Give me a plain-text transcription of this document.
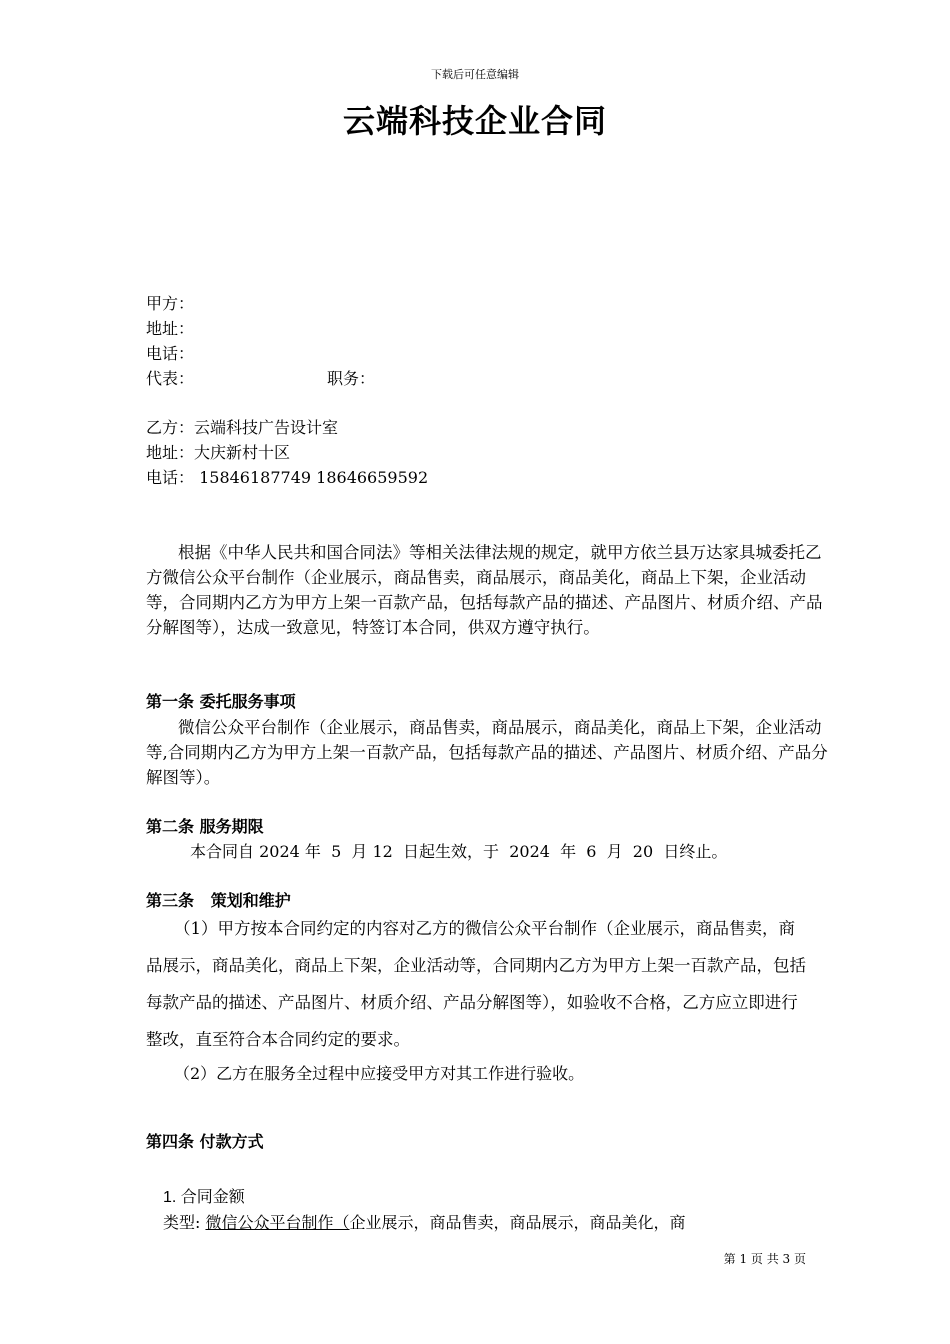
下载后可任意编辑
云端科技企业合同
甲方：
地址：
电话：
代表：	职务：
乙方：云端科技广告设计室
地址：大庆新村十区
电话： 15846187749 18646659592
根据《中华人民共和国合同法》等相关法律法规的规定，就甲方依兰县万达家具城委托乙方微信公众平台制作（企业展示，商品售卖，商品展示，商品美化，商品上下架，企业活动等，合同期内乙方为甲方上架一百款产品，包括每款产品的描述、产品图片、材质介绍、产品分解图等），达成一致意见，特签订本合同，供双方遵守执行。
第一条 委托服务事项
微信公众平台制作（企业展示，商品售卖，商品展示，商品美化，商品上下架，企业活动等,合同期内乙方为甲方上架一百款产品，包括每款产品的描述、产品图片、材质介绍、产品分解图等）。
第二条 服务期限
本合同自 2024 年  5  月 12  日起生效，于  2024  年  6  月  20  日终止。
第三条   策划和维护
（1）甲方按本合同约定的内容对乙方的微信公众平台制作（企业展示，商品售卖，商品展示，商品美化，商品上下架，企业活动等，合同期内乙方为甲方上架一百款产品，包括每款产品的描述、产品图片、材质介绍、产品分解图等），如验收不合格，乙方应立即进行整改，直至符合本合同约定的要求。
（2）乙方在服务全过程中应接受甲方对其工作进行验收。
第四条 付款方式
1. 合同金额
类型: 微信公众平台制作（企业展示，商品售卖，商品展示，商品美化，商
第 1 页 共 3 页
